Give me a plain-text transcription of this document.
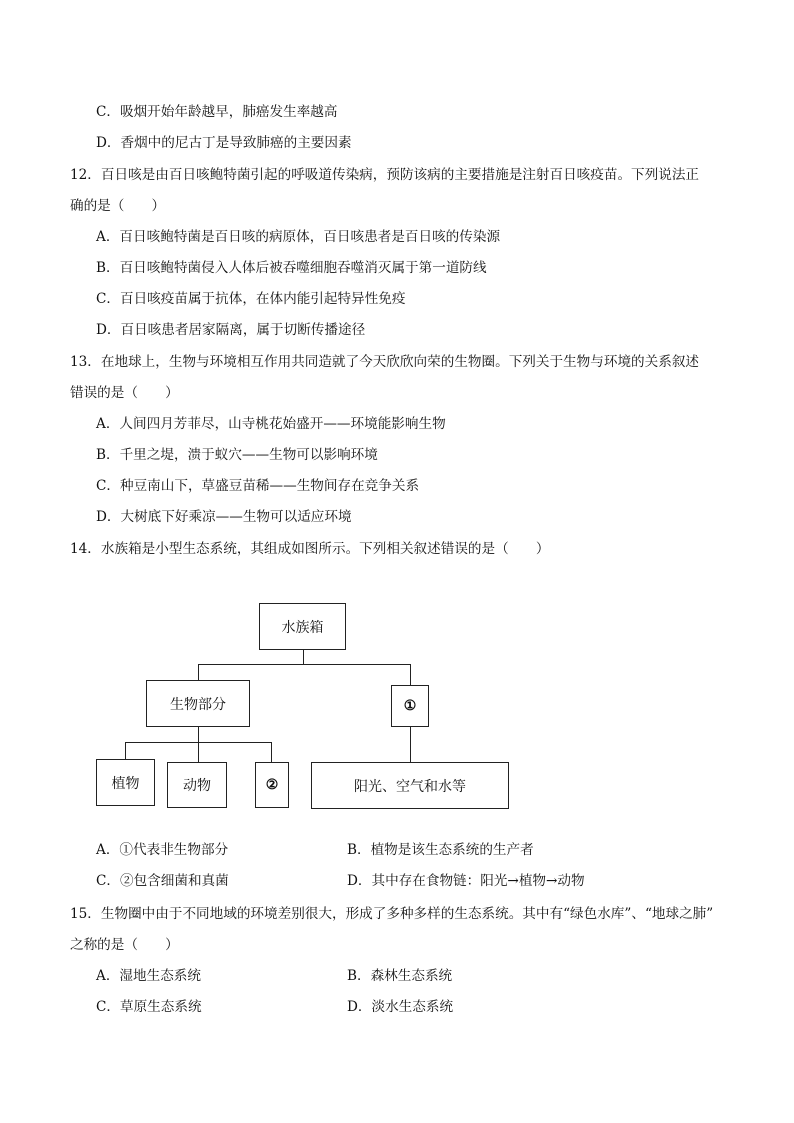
C．吸烟开始年龄越早，肺癌发生率越高
D．香烟中的尼古丁是导致肺癌的主要因素
12．百日咳是由百日咳鲍特菌引起的呼吸道传染病，预防该病的主要措施是注射百日咳疫苗。下列说法正
确的是（　　）
A．百日咳鲍特菌是百日咳的病原体，百日咳患者是百日咳的传染源
B．百日咳鲍特菌侵入人体后被吞噬细胞吞噬消灭属于第一道防线
C．百日咳疫苗属于抗体，在体内能引起特异性免疫
D．百日咳患者居家隔离，属于切断传播途径
13．在地球上，生物与环境相互作用共同造就了今天欣欣向荣的生物圈。下列关于生物与环境的关系叙述
错误的是（　　）
A．人间四月芳菲尽，山寺桃花始盛开——环境能影响生物
B．千里之堤，溃于蚁穴——生物可以影响环境
C．种豆南山下，草盛豆苗稀——生物间存在竞争关系
D．大树底下好乘凉——生物可以适应环境
14．水族箱是小型生态系统，其组成如图所示。下列相关叙述错误的是（　　）
水族箱
生物部分	①
植物	动物	②	阳光、空气和水等
A．①代表非生物部分	B．植物是该生态系统的生产者
C．②包含细菌和真菌	D．其中存在食物链：阳光→植物→动物
15．生物圈中由于不同地域的环境差别很大，形成了多种多样的生态系统。其中有“绿色水库”、“地球之肺”
之称的是（　　）
A．湿地生态系统	B．森林生态系统
C．草原生态系统	D．淡水生态系统
